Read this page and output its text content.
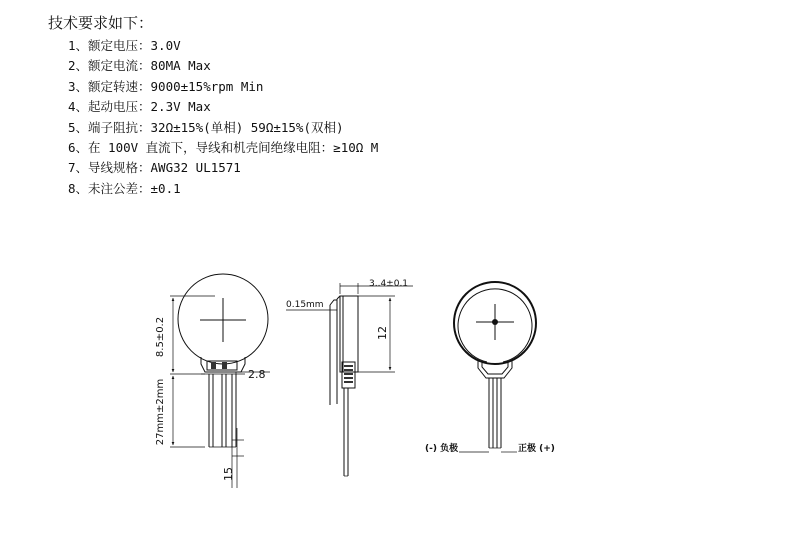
技术要求如下：
1、额定电压：3.0V
2、额定电流：80MA Max
3、额定转速：9000±15%rpm Min
4、起动电压：2.3V Max
5、端子阻抗：32Ω±15%(单相) 59Ω±15%(双相)
6、在 100V 直流下，导线和机壳间绝缘电阻：≥10Ω M
7、导线规格：AWG32 UL1571
8、未注公差：±0.1
8.5±0.2
27mm±2mm
2.8
15
3..4±0.1
0.15mm
12
(-) 负极	正极 (+)
